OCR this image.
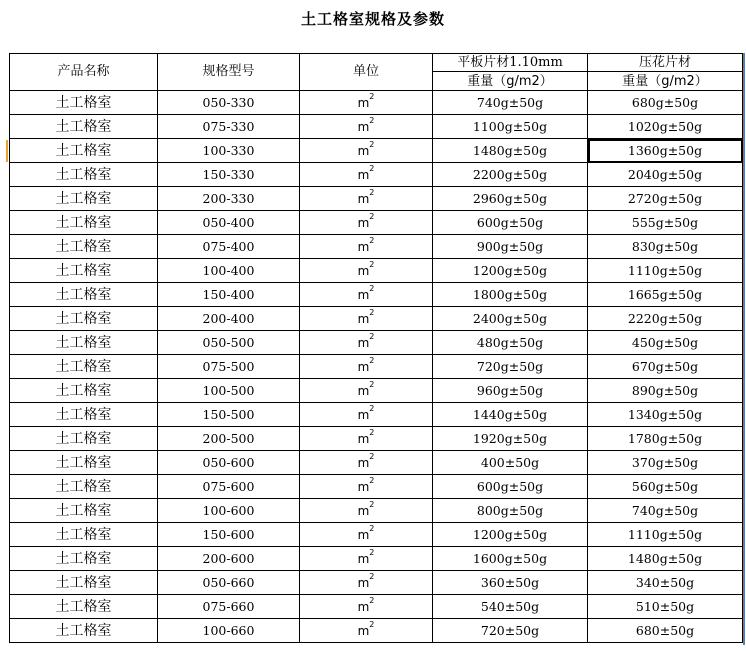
土工格室规格及参数
产品名称	规格型号	单位	平板片材1.10mm	压花片材
			重量（g/m2）	重量（g/m2）
土工格室	050-330	$m^2$	740g±50g	680g±50g
土工格室	075-330	$m^2$	1100g±50g	1020g±50g
土工格室	100-330	$m^2$	1480g±50g	1360g±50g
土工格室	150-330	$m^2$	2200g±50g	2040g±50g
土工格室	200-330	$m^2$	2960g±50g	2720g±50g
土工格室	050-400	$m^2$	600g±50g	555g±50g
土工格室	075-400	$m^2$	900g±50g	830g±50g
土工格室	100-400	$m^2$	1200g±50g	1110g±50g
土工格室	150-400	$m^2$	1800g±50g	1665g±50g
土工格室	200-400	$m^2$	2400g±50g	2220g±50g
土工格室	050-500	$m^2$	480g±50g	450g±50g
土工格室	075-500	$m^2$	720g±50g	670g±50g
土工格室	100-500	$m^2$	960g±50g	890g±50g
土工格室	150-500	$m^2$	1440g±50g	1340g±50g
土工格室	200-500	$m^2$	1920g±50g	1780g±50g
土工格室	050-600	$m^2$	400±50g	370g±50g
土工格室	075-600	$m^2$	600g±50g	560g±50g
土工格室	100-600	$m^2$	800g±50g	740g±50g
土工格室	150-600	$m^2$	1200g±50g	1110g±50g
土工格室	200-600	$m^2$	1600g±50g	1480g±50g
土工格室	050-660	$m^2$	360±50g	340±50g
土工格室	075-660	$m^2$	540±50g	510±50g
土工格室	100-660	$m^2$	720±50g	680±50g
